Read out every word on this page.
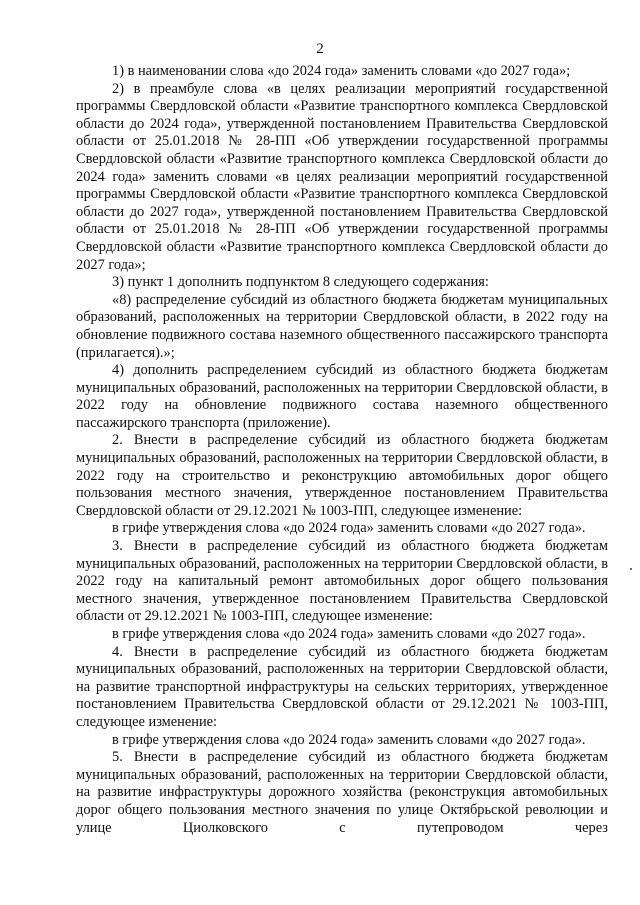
2

1) в наименовании слова «до 2024 года» заменить словами «до 2027 года»;

2) в преамбуле слова «в целях реализации мероприятий государственной программы Свердловской области «Развитие транспортного комплекса Свердловской области до 2024 года», утвержденной постановлением Правительства Свердловской области от 25.01.2018 № 28-ПП «Об утверждении государственной программы Свердловской области «Развитие транспортного комплекса Свердловской области до 2024 года» заменить словами «в целях реализации мероприятий государственной программы Свердловской области «Развитие транспортного комплекса Свердловской области до 2027 года», утвержденной постановлением Правительства Свердловской области от 25.01.2018 № 28-ПП «Об утверждении государственной программы Свердловской области «Развитие транспортного комплекса Свердловской области до 2027 года»;

3) пункт 1 дополнить подпунктом 8 следующего содержания:

«8) распределение субсидий из областного бюджета бюджетам муниципальных образований, расположенных на территории Свердловской области, в 2022 году на обновление подвижного состава наземного общественного пассажирского транспорта (прилагается).»;

4) дополнить распределением субсидий из областного бюджета бюджетам муниципальных образований, расположенных на территории Свердловской области, в 2022 году на обновление подвижного состава наземного общественного пассажирского транспорта (приложение).

2. Внести в распределение субсидий из областного бюджета бюджетам муниципальных образований, расположенных на территории Свердловской области, в 2022 году на строительство и реконструкцию автомобильных дорог общего пользования местного значения, утвержденное постановлением Правительства Свердловской области от 29.12.2021 № 1003-ПП, следующее изменение:

в грифе утверждения слова «до 2024 года» заменить словами «до 2027 года».

3. Внести в распределение субсидий из областного бюджета бюджетам муниципальных образований, расположенных на территории Свердловской области, в 2022 году на капитальный ремонт автомобильных дорог общего пользования местного значения, утвержденное постановлением Правительства Свердловской области от 29.12.2021 № 1003-ПП, следующее изменение:

в грифе утверждения слова «до 2024 года» заменить словами «до 2027 года».

4. Внести в распределение субсидий из областного бюджета бюджетам муниципальных образований, расположенных на территории Свердловской области, на развитие транспортной инфраструктуры на сельских территориях, утвержденное постановлением Правительства Свердловской области от 29.12.2021 № 1003-ПП, следующее изменение:

в грифе утверждения слова «до 2024 года» заменить словами «до 2027 года».

5. Внести в распределение субсидий из областного бюджета бюджетам муниципальных образований, расположенных на территории Свердловской области, на развитие инфраструктуры дорожного хозяйства (реконструкция автомобильных дорог общего пользования местного значения по улице Октябрьской революции и улице Циолковского с путепроводом через
